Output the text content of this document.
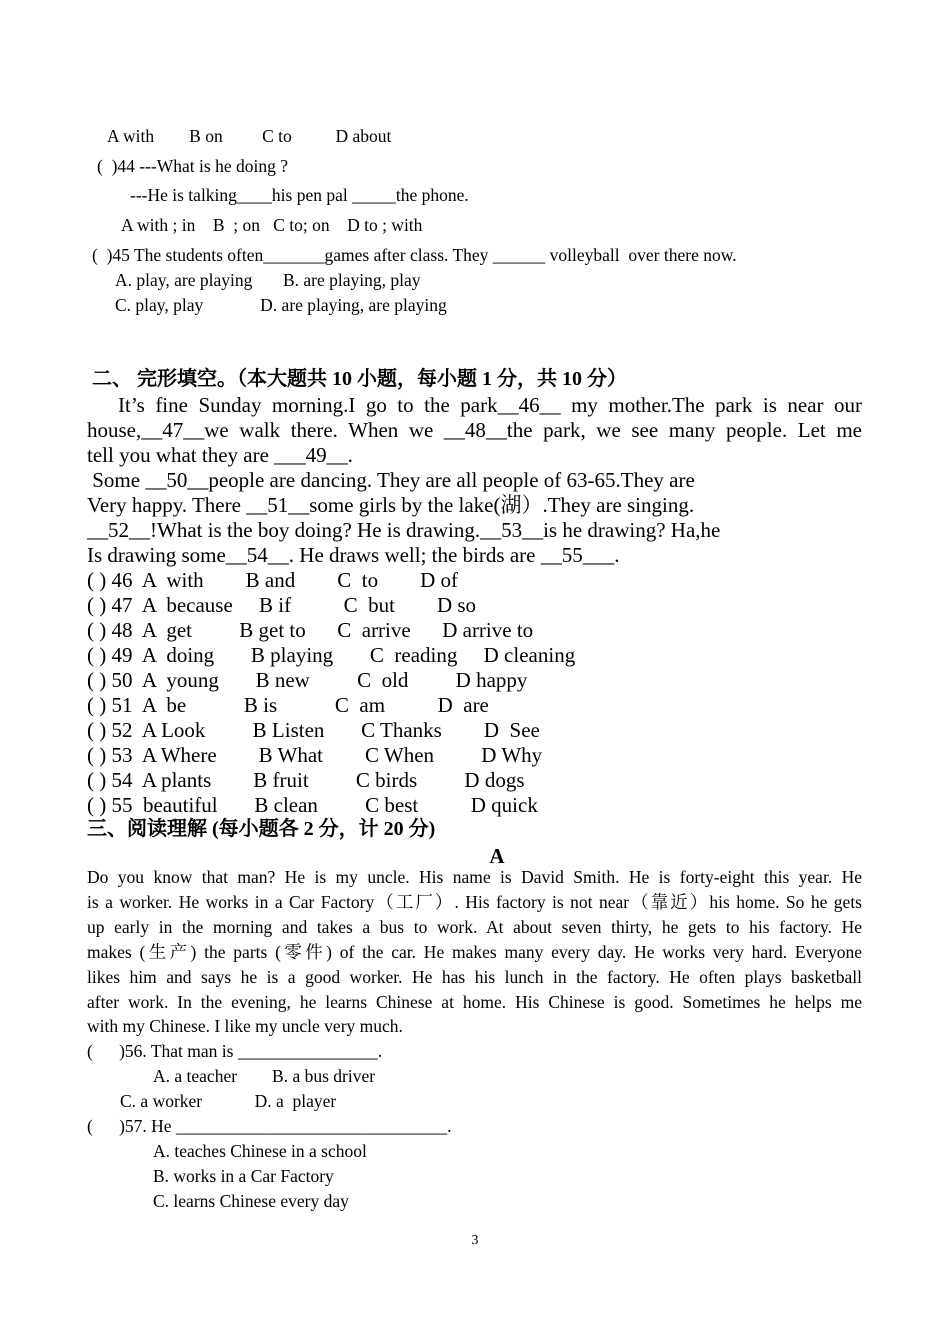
A with        B on         C to          D about
(  )44 ---What is he doing ?
---He is talking____his pen pal _____the phone.
A with ; in    B  ; on   C to; on    D to ; with
(  )45 The students often_______games after class. They ______ volleyball  over there now.
A. play, are playing       B. are playing, play
C. play, play             D. are playing, are playing
二、 完形填空。（本大题共 10 小题，每小题 1 分，共 10 分）
It’s fine Sunday morning.I go to the park__46__ my mother.The park is near our
house,__47__we walk there. When we __48__the park, we see many people. Let me
tell you what they are ___49__.
Some __50__people are dancing. They are all people of 63-65.They are
Very happy. There __51__some girls by the lake(湖）.They are singing.
__52__!What is the boy doing? He is drawing.__53__is he drawing? Ha,he
Is drawing some__54__. He draws well; the birds are __55___.
( ) 46  A  with        B and        C  to        D of
( ) 47  A  because     B if          C  but        D so
( ) 48  A  get         B get to      C  arrive      D arrive to
( ) 49  A  doing       B playing       C  reading     D cleaning
( ) 50  A  young       B new         C  old         D happy
( ) 51  A  be           B is           C  am          D  are
( ) 52  A Look         B Listen       C Thanks        D  See
( ) 53  A Where        B What        C When         D Why
( ) 54  A plants        B fruit         C birds         D dogs
( ) 55  beautiful       B clean         C best          D quick
三、阅读理解 (每小题各 2 分，计 20 分)
A
Do you know that man? He is my uncle. His name is David Smith. He is forty-eight this year. He
is a worker. He works in a Car Factory（工厂）. His factory is not near（靠近）his home. So he gets
up early in the morning and takes a bus to work. At about seven thirty, he gets to his factory. He
makes (生产) the parts (零件) of the car. He makes many every day. He works very hard. Everyone
likes him and says he is a good worker. He has his lunch in the factory. He often plays basketball
after work. In the evening, he learns Chinese at home. His Chinese is good. Sometimes he helps me
with my Chinese. I like my uncle very much.
(      )56. That man is ________________.
A. a teacher        B. a bus driver
C. a worker            D. a  player
(      )57. He _______________________________.
A. teaches Chinese in a school
B. works in a Car Factory
C. learns Chinese every day
3
